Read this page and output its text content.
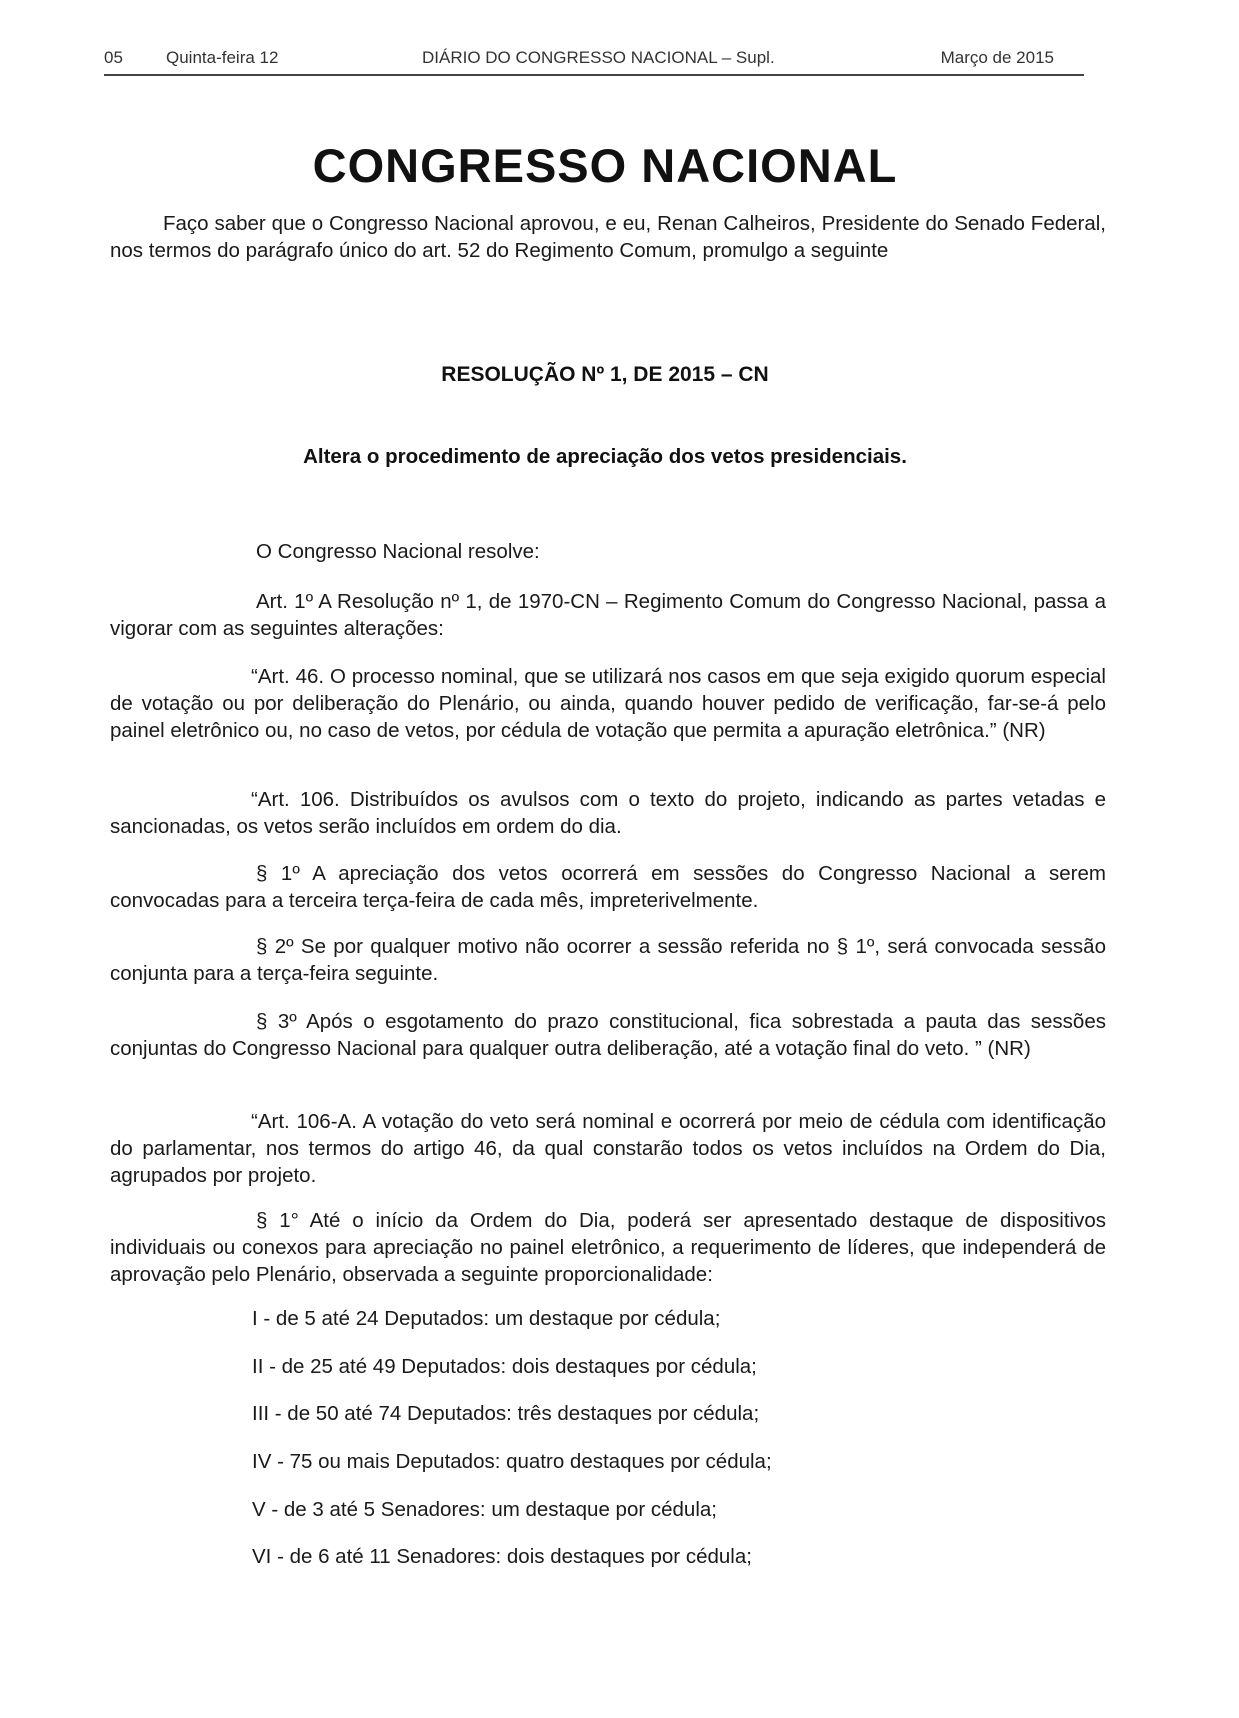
05	Quinta-feira 12	DIÁRIO DO CONGRESSO NACIONAL – Supl.	Março de 2015
CONGRESSO NACIONAL

Faço saber que o Congresso Nacional aprovou, e eu, Renan Calheiros, Presidente do Senado Federal, nos termos do parágrafo único do art. 52 do Regimento Comum, promulgo a seguinte

RESOLUÇÃO Nº 1, DE 2015 – CN
Altera o procedimento de apreciação dos vetos presidenciais.

O Congresso Nacional resolve:

Art. 1º A Resolução nº 1, de 1970-CN – Regimento Comum do Congresso Nacional, passa a vigorar com as seguintes alterações:

“Art. 46. O processo nominal, que se utilizará nos casos em que seja exigido quorum especial de votação ou por deliberação do Plenário, ou ainda, quando houver pedido de verificação, far-se-á pelo painel eletrônico ou, no caso de vetos, por cédula de votação que permita a apuração eletrônica.” (NR)

“Art. 106. Distribuídos os avulsos com o texto do projeto, indicando as partes vetadas e sancionadas, os vetos serão incluídos em ordem do dia.

§ 1º A apreciação dos vetos ocorrerá em sessões do Congresso Nacional a serem convocadas para a terceira terça-feira de cada mês, impreterivelmente.

§ 2º Se por qualquer motivo não ocorrer a sessão referida no § 1º, será convocada sessão conjunta para a terça-feira seguinte.

§ 3º Após o esgotamento do prazo constitucional, fica sobrestada a pauta das sessões conjuntas do Congresso Nacional para qualquer outra deliberação, até a votação final do veto. ” (NR)

“Art. 106-A. A votação do veto será nominal e ocorrerá por meio de cédula com identificação do parlamentar, nos termos do artigo 46, da qual constarão todos os vetos incluídos na Ordem do Dia, agrupados por projeto.

§ 1° Até o início da Ordem do Dia, poderá ser apresentado destaque de dispositivos individuais ou conexos para apreciação no painel eletrônico, a requerimento de líderes, que independerá de aprovação pelo Plenário, observada a seguinte proporcionalidade:

I - de 5 até 24 Deputados: um destaque por cédula;
II - de 25 até 49 Deputados: dois destaques por cédula;
III - de 50 até 74 Deputados: três destaques por cédula;
IV - 75 ou mais Deputados: quatro destaques por cédula;
V - de 3 até 5 Senadores: um destaque por cédula;
VI - de 6 até 11 Senadores: dois destaques por cédula;
